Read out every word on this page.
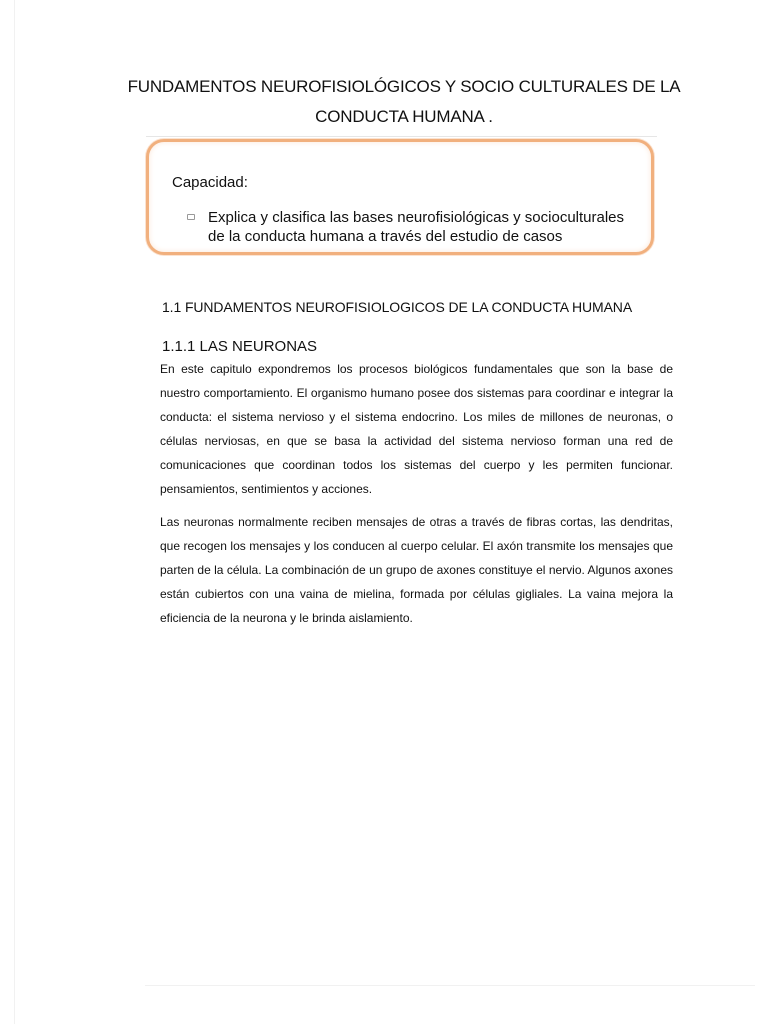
FUNDAMENTOS NEUROFISIOLÓGICOS Y SOCIO CULTURALES DE LA
CONDUCTA HUMANA .
Capacidad:
Explica y clasifica las bases neurofisiológicas y socioculturales de la conducta humana a través del estudio de casos
1.1 FUNDAMENTOS NEUROFISIOLOGICOS DE LA CONDUCTA HUMANA
1.1.1 LAS NEURONAS

En este capitulo expondremos los procesos biológicos fundamentales que son la base de nuestro comportamiento. El organismo humano posee dos sistemas para coordinar e integrar la conducta: el sistema nervioso y el sistema endocrino. Los miles de millones de neuronas, o células nerviosas, en que se basa la actividad del sistema nervioso forman una red de comunicaciones que coordinan todos los sistemas del cuerpo y les permiten funcionar. pensamientos, sentimientos y acciones.

Las neuronas normalmente reciben mensajes de otras a través de fibras cortas, las dendritas, que recogen los mensajes y los conducen al cuerpo celular. El axón transmite los mensajes que parten de la célula. La combinación de un grupo de axones constituye el nervio. Algunos axones están cubiertos con una vaina de mielina, formada por células gigliales. La vaina mejora la eficiencia de la neurona y le brinda aislamiento.
